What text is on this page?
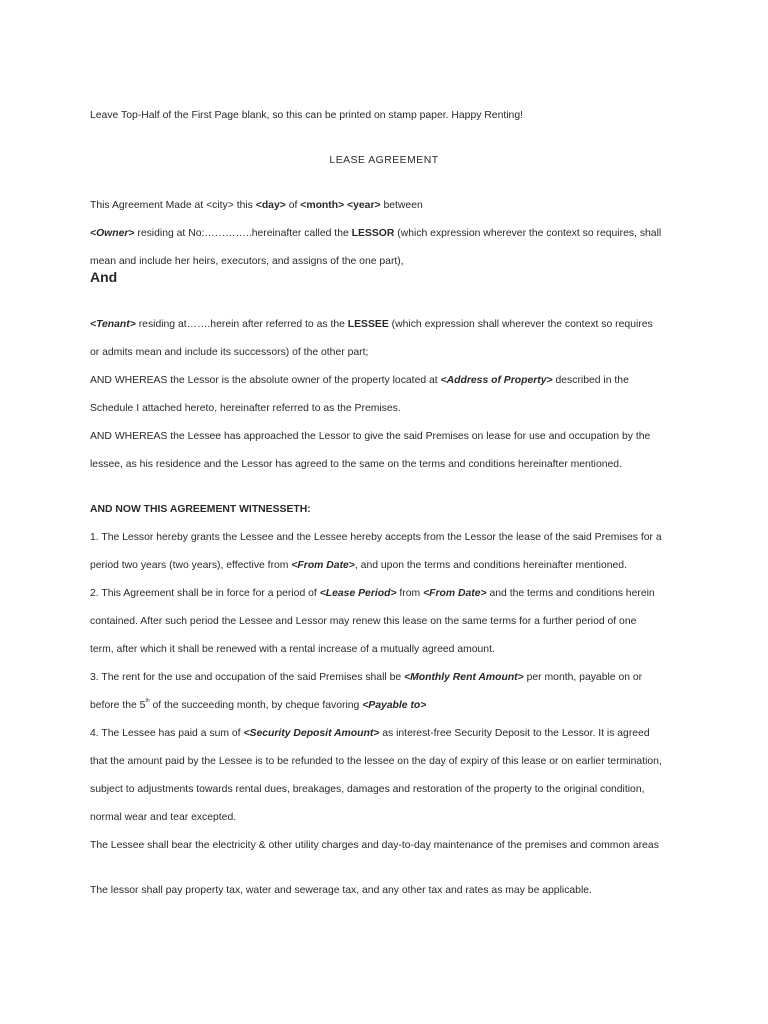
Leave Top-Half of the First Page blank, so this can be printed on stamp paper. Happy Renting!
LEASE AGREEMENT
This Agreement Made at <city> this <day> of <month> <year> between
<Owner> residing at No:…………..hereinafter called the LESSOR (which expression wherever the context so requires, shall
mean and include her heirs, executors, and assigns of the one part),
And
<Tenant> residing at…….herein after referred to as the LESSEE (which expression shall wherever the context so requires
or admits mean and include its successors) of the other part;
AND WHEREAS the Lessor is the absolute owner of the property located at <Address of Property> described in the
Schedule I attached hereto, hereinafter referred to as the Premises.
AND WHEREAS the Lessee has approached the Lessor to give the said Premises on lease for use and occupation by the
lessee, as his residence and the Lessor has agreed to the same on the terms and conditions hereinafter mentioned.
AND NOW THIS AGREEMENT WITNESSETH:
1. The Lessor hereby grants the Lessee and the Lessee hereby accepts from the Lessor the lease of the said Premises for a
period two years (two years), effective from <From Date>, and upon the terms and conditions hereinafter mentioned.
2. This Agreement shall be in force for a period of <Lease Period> from <From Date> and the terms and conditions herein
contained. After such period the Lessee and Lessor may renew this lease on the same terms for a further period of one
term, after which it shall be renewed with a rental increase of a mutually agreed amount.
3. The rent for the use and occupation of the said Premises shall be <Monthly Rent Amount> per month, payable on or
before the 5th of the succeeding month, by cheque favoring <Payable to>
4. The Lessee has paid a sum of <Security Deposit Amount> as interest-free Security Deposit to the Lessor. It is agreed
that the amount paid by the Lessee is to be refunded to the lessee on the day of expiry of this lease or on earlier termination,
subject to adjustments towards rental dues, breakages, damages and restoration of the property to the original condition,
normal wear and tear excepted.
The Lessee shall bear the electricity & other utility charges and day-to-day maintenance of the premises and common areas
The lessor shall pay property tax, water and sewerage tax, and any other tax and rates as may be applicable.
